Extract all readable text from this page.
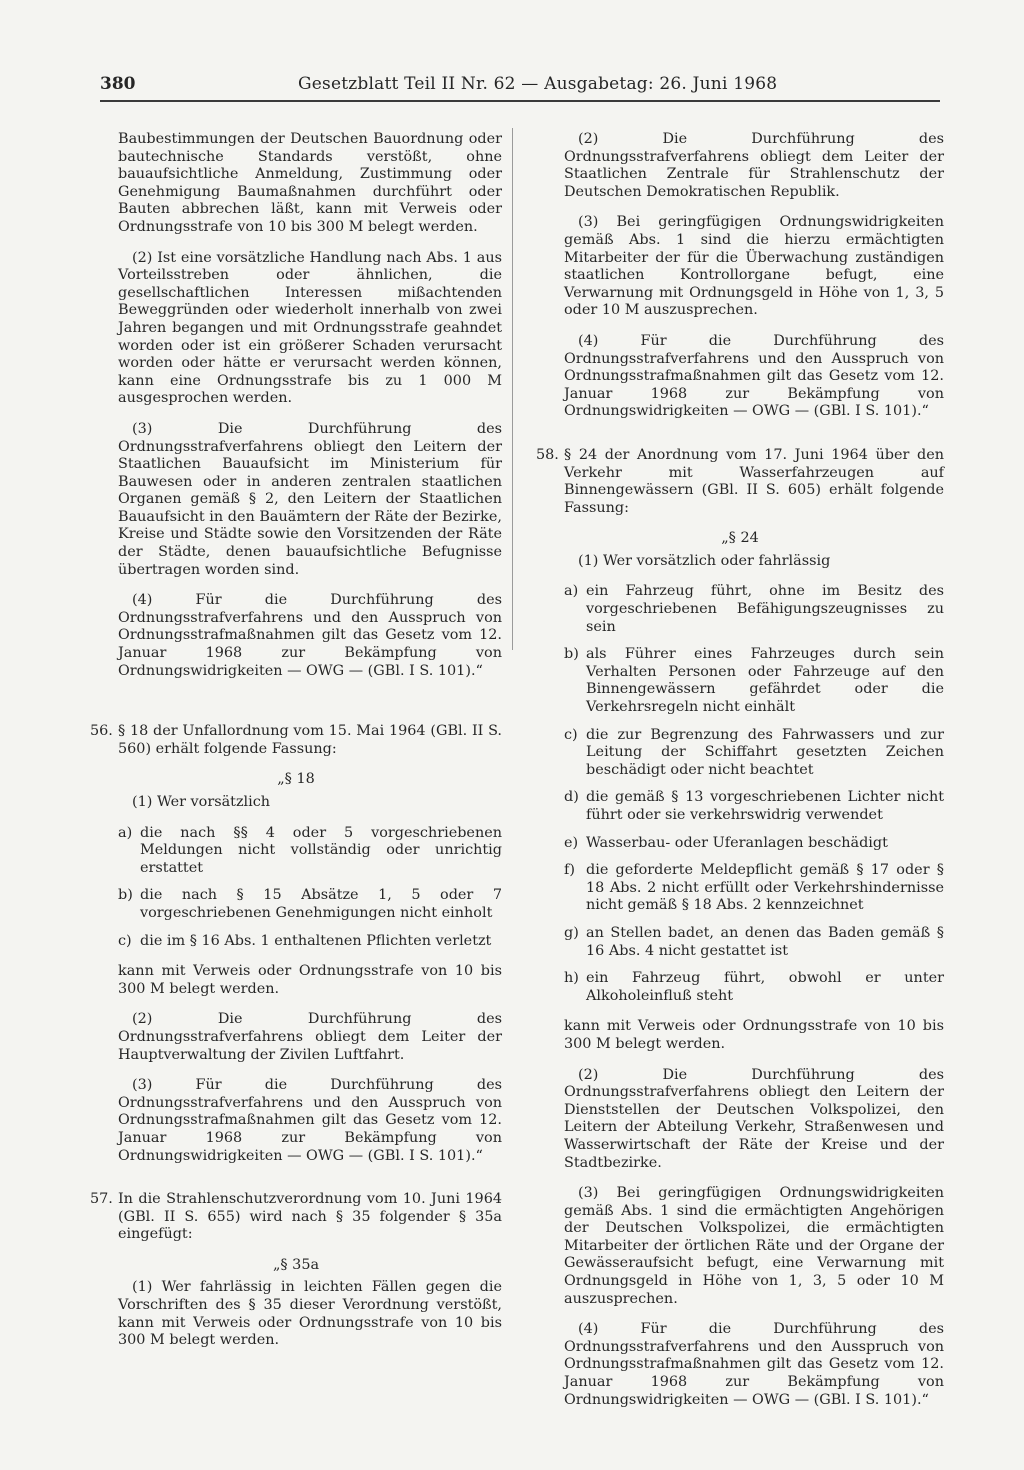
380	Gesetzblatt Teil II Nr. 62 — Ausgabetag: 26. Juni 1968

Baubestimmungen der Deutschen Bauordnung oder bautechnische Standards verstößt, ohne bauaufsichtliche Anmeldung, Zustimmung oder Genehmigung Baumaßnahmen durchführt oder Bauten abbrechen läßt, kann mit Verweis oder Ordnungsstrafe von 10 bis 300 M belegt werden.

(2) Ist eine vorsätzliche Handlung nach Abs. 1 aus Vorteilsstreben oder ähnlichen, die gesellschaftlichen Interessen mißachtenden Beweggründen oder wiederholt innerhalb von zwei Jahren begangen und mit Ordnungsstrafe geahndet worden oder ist ein größerer Schaden verursacht worden oder hätte er verursacht werden können, kann eine Ordnungsstrafe bis zu 1 000 M ausgesprochen werden.

(3) Die Durchführung des Ordnungsstrafverfahrens obliegt den Leitern der Staatlichen Bauaufsicht im Ministerium für Bauwesen oder in anderen zentralen staatlichen Organen gemäß § 2, den Leitern der Staatlichen Bauaufsicht in den Bauämtern der Räte der Bezirke, Kreise und Städte sowie den Vorsitzenden der Räte der Städte, denen bauaufsichtliche Befugnisse übertragen worden sind.

(4) Für die Durchführung des Ordnungsstrafverfahrens und den Ausspruch von Ordnungsstrafmaßnahmen gilt das Gesetz vom 12. Januar 1968 zur Bekämpfung von Ordnungswidrigkeiten — OWG — (GBl. I S. 101).“

56. § 18 der Unfallordnung vom 15. Mai 1964 (GBl. II S. 560) erhält folgende Fassung:

„§ 18

(1) Wer vorsätzlich

a) die nach §§ 4 oder 5 vorgeschriebenen Meldungen nicht vollständig oder unrichtig erstattet
b) die nach § 15 Absätze 1, 5 oder 7 vorgeschriebenen Genehmigungen nicht einholt
c) die im § 16 Abs. 1 enthaltenen Pflichten verletzt

kann mit Verweis oder Ordnungsstrafe von 10 bis 300 M belegt werden.

(2) Die Durchführung des Ordnungsstrafverfahrens obliegt dem Leiter der Hauptverwaltung der Zivilen Luftfahrt.

(3) Für die Durchführung des Ordnungsstrafverfahrens und den Ausspruch von Ordnungsstrafmaßnahmen gilt das Gesetz vom 12. Januar 1968 zur Bekämpfung von Ordnungswidrigkeiten — OWG — (GBl. I S. 101).“

57. In die Strahlenschutzverordnung vom 10. Juni 1964 (GBl. II S. 655) wird nach § 35 folgender § 35a eingefügt:

„§ 35a

(1) Wer fahrlässig in leichten Fällen gegen die Vorschriften des § 35 dieser Verordnung verstößt, kann mit Verweis oder Ordnungsstrafe von 10 bis 300 M belegt werden.

(2) Die Durchführung des Ordnungsstrafverfahrens obliegt dem Leiter der Staatlichen Zentrale für Strahlenschutz der Deutschen Demokratischen Republik.

(3) Bei geringfügigen Ordnungswidrigkeiten gemäß Abs. 1 sind die hierzu ermächtigten Mitarbeiter der für die Überwachung zuständigen staatlichen Kontrollorgane befugt, eine Verwarnung mit Ordnungsgeld in Höhe von 1, 3, 5 oder 10 M auszusprechen.

(4) Für die Durchführung des Ordnungsstrafverfahrens und den Ausspruch von Ordnungsstrafmaßnahmen gilt das Gesetz vom 12. Januar 1968 zur Bekämpfung von Ordnungswidrigkeiten — OWG — (GBl. I S. 101).“

58. § 24 der Anordnung vom 17. Juni 1964 über den Verkehr mit Wasserfahrzeugen auf Binnengewässern (GBl. II S. 605) erhält folgende Fassung:

„§ 24

(1) Wer vorsätzlich oder fahrlässig

a) ein Fahrzeug führt, ohne im Besitz des vorgeschriebenen Befähigungszeugnisses zu sein
b) als Führer eines Fahrzeuges durch sein Verhalten Personen oder Fahrzeuge auf den Binnengewässern gefährdet oder die Verkehrsregeln nicht einhält
c) die zur Begrenzung des Fahrwassers und zur Leitung der Schiffahrt gesetzten Zeichen beschädigt oder nicht beachtet
d) die gemäß § 13 vorgeschriebenen Lichter nicht führt oder sie verkehrswidrig verwendet
e) Wasserbau- oder Uferanlagen beschädigt
f) die geforderte Meldepflicht gemäß § 17 oder § 18 Abs. 2 nicht erfüllt oder Verkehrshindernisse nicht gemäß § 18 Abs. 2 kennzeichnet
g) an Stellen badet, an denen das Baden gemäß § 16 Abs. 4 nicht gestattet ist
h) ein Fahrzeug führt, obwohl er unter Alkoholeinfluß steht

kann mit Verweis oder Ordnungsstrafe von 10 bis 300 M belegt werden.

(2) Die Durchführung des Ordnungsstrafverfahrens obliegt den Leitern der Dienststellen der Deutschen Volkspolizei, den Leitern der Abteilung Verkehr, Straßenwesen und Wasserwirtschaft der Räte der Kreise und der Stadtbezirke.

(3) Bei geringfügigen Ordnungswidrigkeiten gemäß Abs. 1 sind die ermächtigten Angehörigen der Deutschen Volkspolizei, die ermächtigten Mitarbeiter der örtlichen Räte und der Organe der Gewässeraufsicht befugt, eine Verwarnung mit Ordnungsgeld in Höhe von 1, 3, 5 oder 10 M auszusprechen.

(4) Für die Durchführung des Ordnungsstrafverfahrens und den Ausspruch von Ordnungsstrafmaßnahmen gilt das Gesetz vom 12. Januar 1968 zur Bekämpfung von Ordnungswidrigkeiten — OWG — (GBl. I S. 101).“
